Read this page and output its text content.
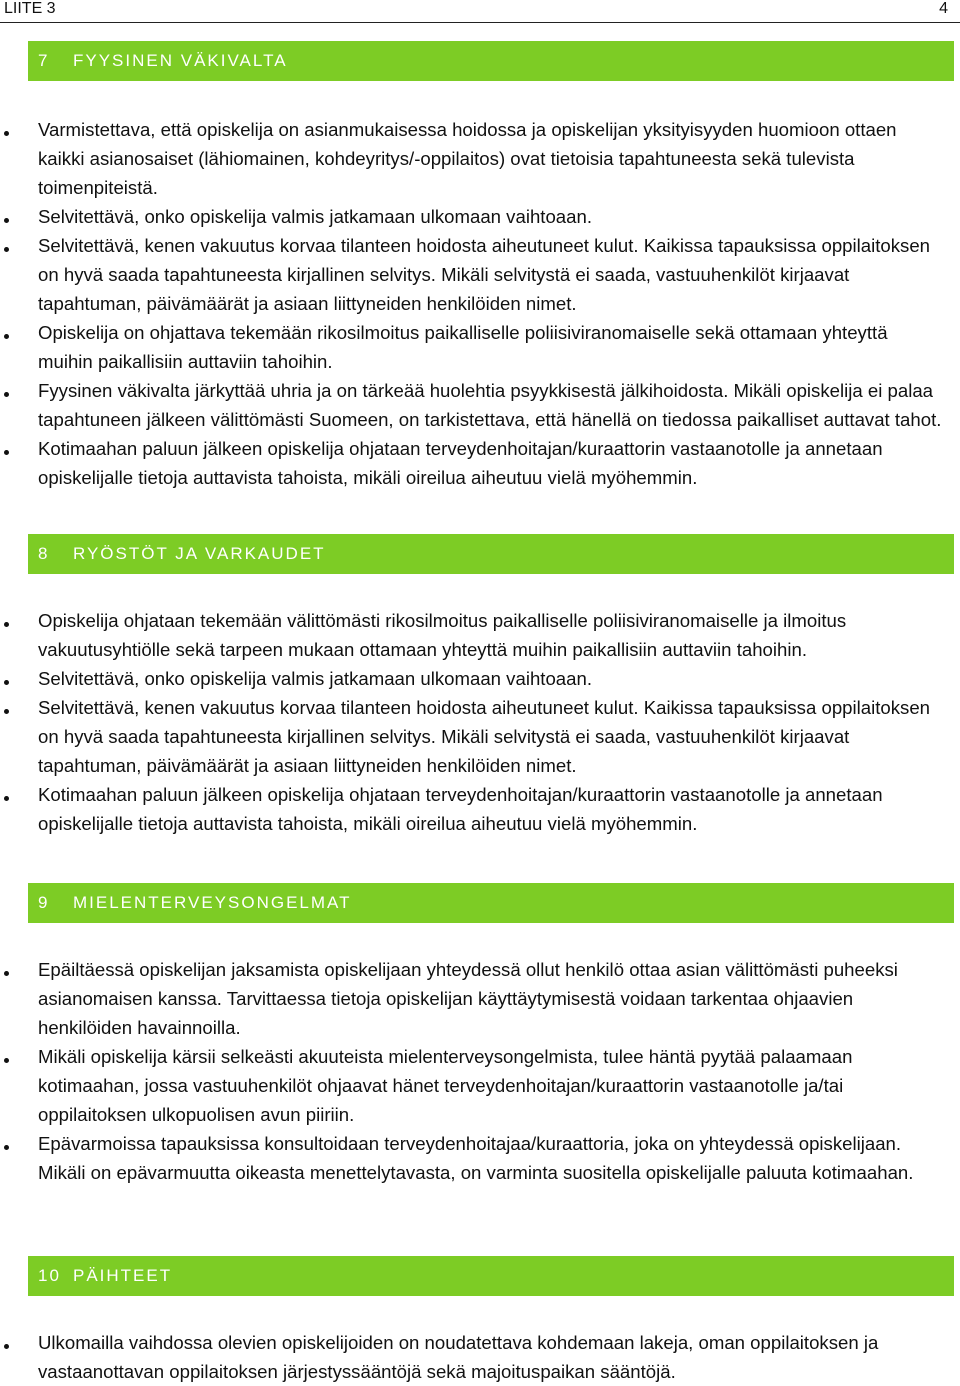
LIITE 3	4
7	FYYSINEN VÄKIVALTA
Varmistettava, että opiskelija on asianmukaisessa hoidossa ja opiskelijan yksityisyyden huomioon ottaen kaikki asianosaiset (lähiomainen, kohdeyritys/-oppilaitos) ovat tietoisia tapahtuneesta sekä tulevista toimenpiteistä.
Selvitettävä, onko opiskelija valmis jatkamaan ulkomaan vaihtoaan.
Selvitettävä, kenen vakuutus korvaa tilanteen hoidosta aiheutuneet kulut. Kaikissa tapauksissa oppilaitoksen on hyvä saada tapahtuneesta kirjallinen selvitys. Mikäli selvitystä ei saada, vastuuhenkilöt kirjaavat tapahtuman, päivämäärät ja asiaan liittyneiden henkilöiden nimet.
Opiskelija on ohjattava tekemään rikosilmoitus paikalliselle poliisiviranomaiselle sekä ottamaan yhteyttä muihin paikallisiin auttaviin tahoihin.
Fyysinen väkivalta järkyttää uhria ja on tärkeää huolehtia psyykkisestä jälkihoidosta. Mikäli opiskelija ei palaa tapahtuneen jälkeen välittömästi Suomeen, on tarkistettava, että hänellä on tiedossa paikalliset auttavat tahot.
Kotimaahan paluun jälkeen opiskelija ohjataan terveydenhoitajan/kuraattorin vastaanotolle ja annetaan opiskelijalle tietoja auttavista tahoista, mikäli oireilua aiheutuu vielä myöhemmin.
8	RYÖSTÖT JA VARKAUDET
Opiskelija ohjataan tekemään välittömästi rikosilmoitus paikalliselle poliisiviranomaiselle ja ilmoitus vakuutusyhtiölle sekä tarpeen mukaan ottamaan yhteyttä muihin paikallisiin auttaviin tahoihin.
Selvitettävä, onko opiskelija valmis jatkamaan ulkomaan vaihtoaan.
Selvitettävä, kenen vakuutus korvaa tilanteen hoidosta aiheutuneet kulut. Kaikissa tapauksissa oppilaitoksen on hyvä saada tapahtuneesta kirjallinen selvitys. Mikäli selvitystä ei saada, vastuuhenkilöt kirjaavat tapahtuman, päivämäärät ja asiaan liittyneiden henkilöiden nimet.
Kotimaahan paluun jälkeen opiskelija ohjataan terveydenhoitajan/kuraattorin vastaanotolle ja annetaan opiskelijalle tietoja auttavista tahoista, mikäli oireilua aiheutuu vielä myöhemmin.
9	MIELENTERVEYSONGELMAT
Epäiltäessä opiskelijan jaksamista opiskelijaan yhteydessä ollut henkilö ottaa asian välittömästi puheeksi asianomaisen kanssa. Tarvittaessa tietoja opiskelijan käyttäytymisestä voidaan tarkentaa ohjaavien henkilöiden havainnoilla.
Mikäli opiskelija kärsii selkeästi akuuteista mielenterveysongelmista, tulee häntä pyytää palaamaan kotimaahan, jossa vastuuhenkilöt ohjaavat hänet terveydenhoitajan/kuraattorin vastaanotolle ja/tai oppilaitoksen ulkopuolisen avun piiriin.
Epävarmoissa tapauksissa konsultoidaan terveydenhoitajaa/kuraattoria, joka on yhteydessä opiskelijaan. Mikäli on epävarmuutta oikeasta menettelytavasta, on varminta suositella opiskelijalle paluuta kotimaahan.
10 PÄIHTEET
Ulkomailla vaihdossa olevien opiskelijoiden on noudatettava kohdemaan lakeja, oman oppilaitoksen ja vastaanottavan oppilaitoksen järjestyssääntöjä sekä majoituspaikan sääntöjä.
